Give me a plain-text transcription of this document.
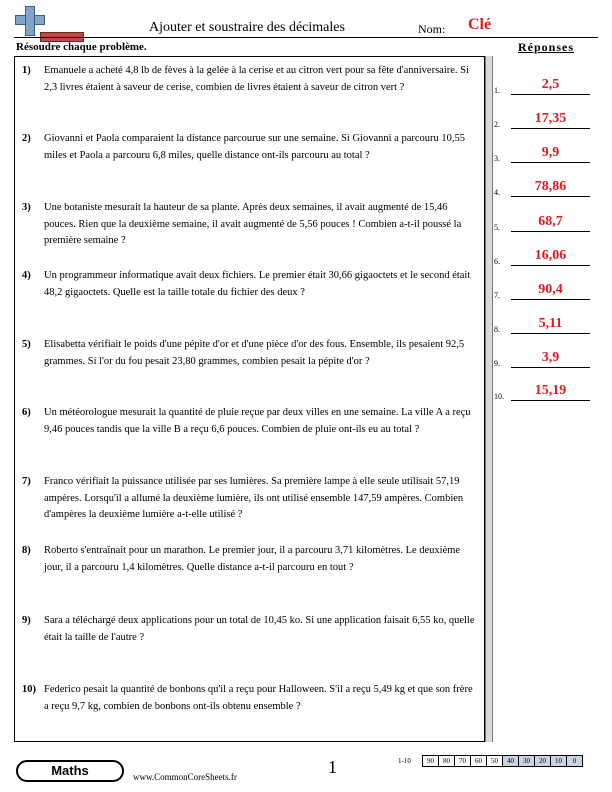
Ajouter et soustraire des décimales	Nom: Clé
Résoudre chaque problème.
1)	Emanuele a acheté 4,8 lb de fèves à la gelée à la cerise et au citron vert pour sa fête d'anniversaire. Si 2,3 livres étaient à saveur de cerise, combien de livres étaient à saveur de citron vert ?
2)	Giovanni et Paola comparaient la distance parcourue sur une semaine. Si Giovanni a parcouru 10,55 miles et Paola a parcouru 6,8 miles, quelle distance ont-ils parcouru au total ?
3)	Une botaniste mesurait la hauteur de sa plante. Après deux semaines, il avait augmenté de 15,46 pouces. Rien que la deuxième semaine, il avait augmenté de 5,56 pouces ! Combien a-t-il poussé la première semaine ?
4)	Un programmeur informatique avait deux fichiers. Le premier était 30,66 gigaoctets et le second était 48,2 gigaoctets. Quelle est la taille totale du fichier des deux ?
5)	Elisabetta vérifiait le poids d'une pépite d'or et d'une pièce d'or des fous. Ensemble, ils pesaient 92,5 grammes. Si l'or du fou pesait 23,80 grammes, combien pesait la pépite d'or ?
6)	Un météorologue mesurait la quantité de pluie reçue par deux villes en une semaine. La ville A a reçu 9,46 pouces tandis que la ville B a reçu 6,6 pouces. Combien de pluie ont-ils eu au total ?
7)	Franco vérifiait la puissance utilisée par ses lumières. Sa première lampe à elle seule utilisait 57,19 ampères. Lorsqu'il a allumé la deuxième lumière, ils ont utilisé ensemble 147,59 ampères. Combien d'ampères la deuxième lumière a-t-elle utilisé ?
8)	Roberto s'entraînait pour un marathon. Le premier jour, il a parcouru 3,71 kilomètres. Le deuxième jour, il a parcouru 1,4 kilomètres. Quelle distance a-t-il parcouru en tout ?
9)	Sara a téléchargé deux applications pour un total de 10,45 ko. Si une application faisait 6,55 ko, quelle était la taille de l'autre ?
10) Federico pesait la quantité de bonbons qu'il a reçu pour Halloween. S'il a reçu 5,49 kg et que son frère a reçu 9,7 kg, combien de bonbons ont-ils obtenu ensemble ?
Réponses
1.	2,5
2.	17,35
3.	9,9
4.	78,86
5.	68,7
6.	16,06
7.	90,4
8.	5,11
9.	3,9
10.	15,19
Maths	www.CommonCoreSheets.fr	1	1-10	90	80	70	60	50	40	30	20	10	0
